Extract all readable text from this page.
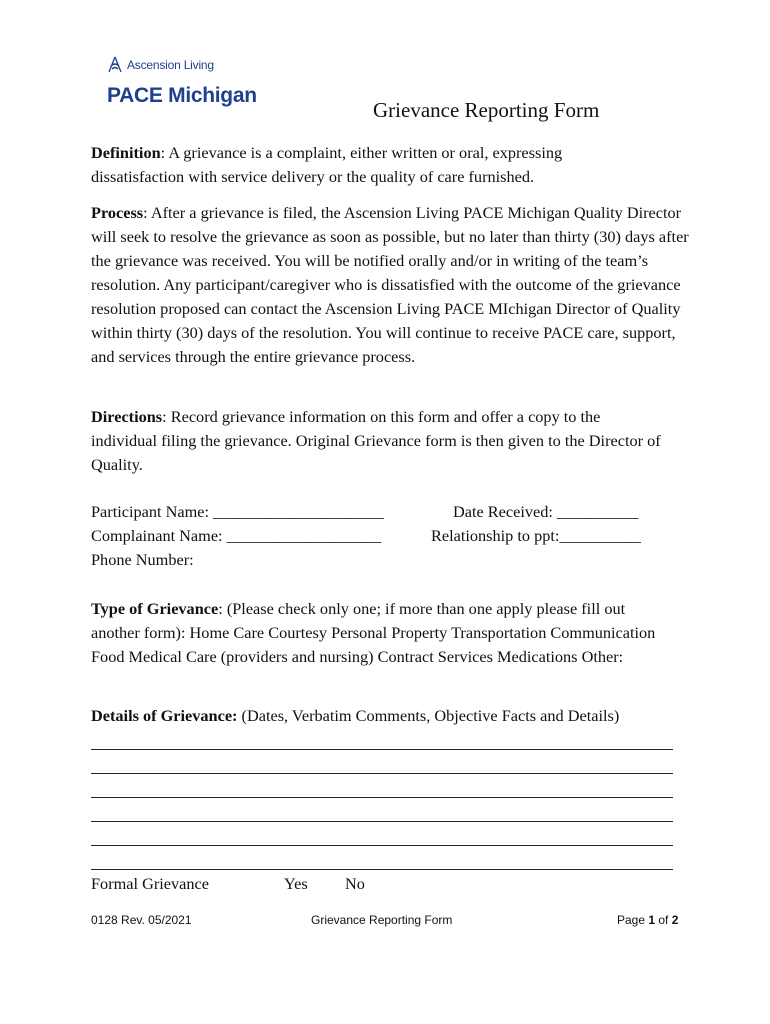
Ascension Living
PACE Michigan
Grievance Reporting Form
Definition: A grievance is a complaint, either written or oral, expressing dissatisfaction with service delivery or the quality of care furnished.
Process: After a grievance is filed, the Ascension Living PACE Michigan Quality Director will seek to resolve the grievance as soon as possible, but no later than thirty (30) days after the grievance was received. You will be notified orally and/or in writing of the team’s resolution. Any participant/caregiver who is dissatisfied with the outcome of the grievance resolution proposed can contact the Ascension Living PACE MIchigan Director of Quality within thirty (30) days of the resolution. You will continue to receive PACE care, support, and services through the entire grievance process.
Directions: Record grievance information on this form and offer a copy to the individual filing the grievance. Original Grievance form is then given to the Director of Quality.
Participant Name: _____________________	Date Received: __________
Complainant Name: ___________________	Relationship to ppt:__________
Phone Number:
Type of Grievance: (Please check only one; if more than one apply please fill out another form): Home Care Courtesy Personal Property Transportation Communication Food Medical Care (providers and nursing) Contract Services Medications Other:
Details of Grievance: (Dates, Verbatim Comments, Objective Facts and Details)
Formal Grievance	Yes No
0128 Rev. 05/2021	Grievance Reporting Form	Page 1 of 2
